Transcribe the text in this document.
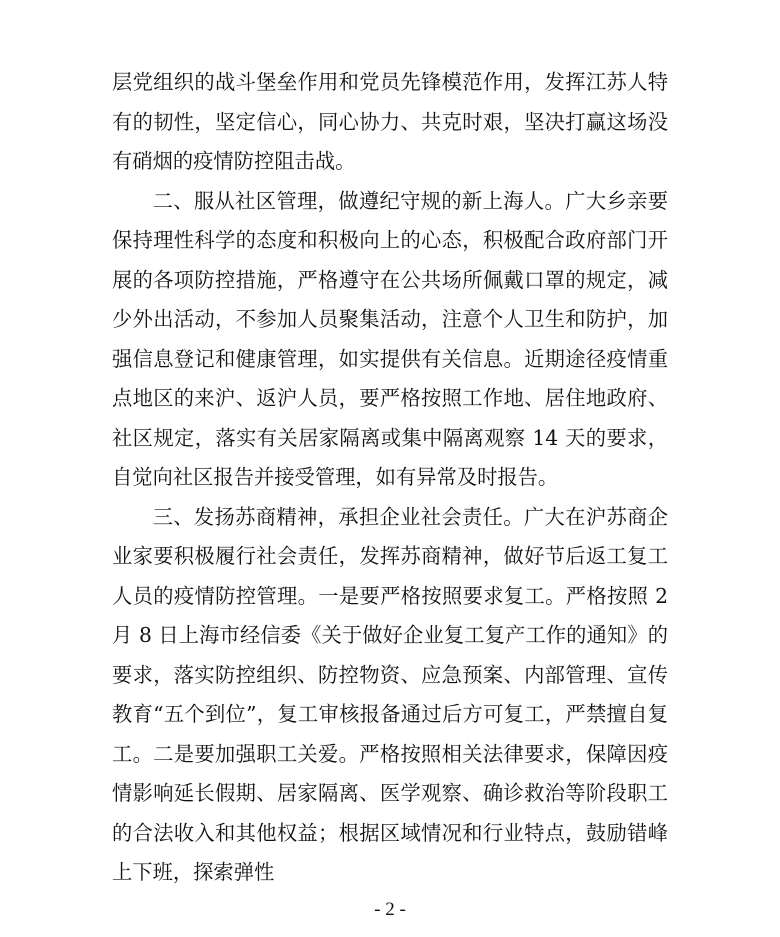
层党组织的战斗堡垒作用和党员先锋模范作用，发挥江苏人特有的韧性，坚定信心，同心协力、共克时艰，坚决打赢这场没有硝烟的疫情防控阻击战。

二、服从社区管理，做遵纪守规的新上海人。广大乡亲要保持理性科学的态度和积极向上的心态，积极配合政府部门开展的各项防控措施，严格遵守在公共场所佩戴口罩的规定，减少外出活动，不参加人员聚集活动，注意个人卫生和防护，加强信息登记和健康管理，如实提供有关信息。近期途径疫情重点地区的来沪、返沪人员，要严格按照工作地、居住地政府、社区规定，落实有关居家隔离或集中隔离观察 14 天的要求，自觉向社区报告并接受管理，如有异常及时报告。

三、发扬苏商精神，承担企业社会责任。广大在沪苏商企业家要积极履行社会责任，发挥苏商精神，做好节后返工复工人员的疫情防控管理。一是要严格按照要求复工。严格按照 2 月 8 日上海市经信委《关于做好企业复工复产工作的通知》的要求，落实防控组织、防控物资、应急预案、内部管理、宣传教育“五个到位”，复工审核报备通过后方可复工，严禁擅自复工。二是要加强职工关爱。严格按照相关法律要求，保障因疫情影响延长假期、居家隔离、医学观察、确诊救治等阶段职工的合法收入和其他权益；根据区域情况和行业特点，鼓励错峰上下班，探索弹性

- 2 -
